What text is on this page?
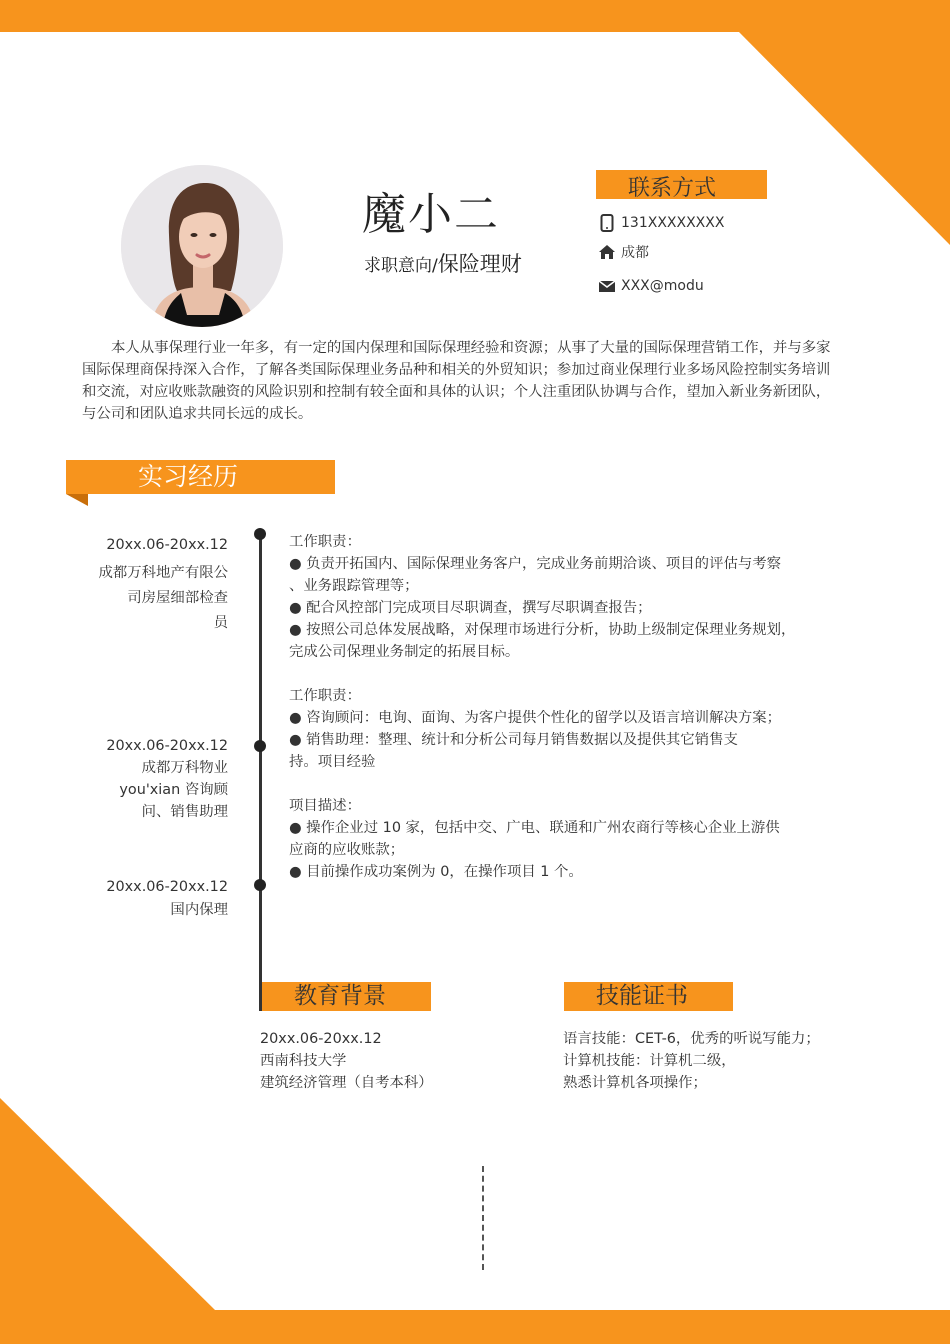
魔小二
求职意向/保险理财
联系方式
131XXXXXXXX
成都
XXX@modu

本人从事保理行业一年多，有一定的国内保理和国际保理经验和资源；从事了大量的国际保理营销工作，并与多家国际保理商保持深入合作，了解各类国际保理业务品种和相关的外贸知识；参加过商业保理行业多场风险控制实务培训和交流，对应收账款融资的风险识别和控制有较全面和具体的认识；个人注重团队协调与合作，望加入新业务新团队，与公司和团队追求共同长远的成长。

实习经历
20xx.06-20xx.12
成都万科地产有限公
司房屋细部检查
员
20xx.06-20xx.12
成都万科物业
you'xian 咨询顾
问、销售助理
20xx.06-20xx.12
国内保理
工作职责：
● 负责开拓国内、国际保理业务客户，完成业务前期洽谈、项目的评估与考察
、业务跟踪管理等；
● 配合风控部门完成项目尽职调查，撰写尽职调查报告；
● 按照公司总体发展战略，对保理市场进行分析，协助上级制定保理业务规划，
完成公司保理业务制定的拓展目标。
工作职责：
● 咨询顾问：电询、面询、为客户提供个性化的留学以及语言培训解决方案；
● 销售助理：整理、统计和分析公司每月销售数据以及提供其它销售支
持。项目经验
项目描述：
● 操作企业过 10 家，包括中交、广电、联通和广州农商行等核心企业上游供
应商的应收账款；
● 目前操作成功案例为 0，在操作项目 1 个。
教育背景
20xx.06-20xx.12
西南科技大学
建筑经济管理（自考本科）
技能证书
语言技能：CET-6，优秀的听说写能力；
计算机技能：计算机二级，
熟悉计算机各项操作；
